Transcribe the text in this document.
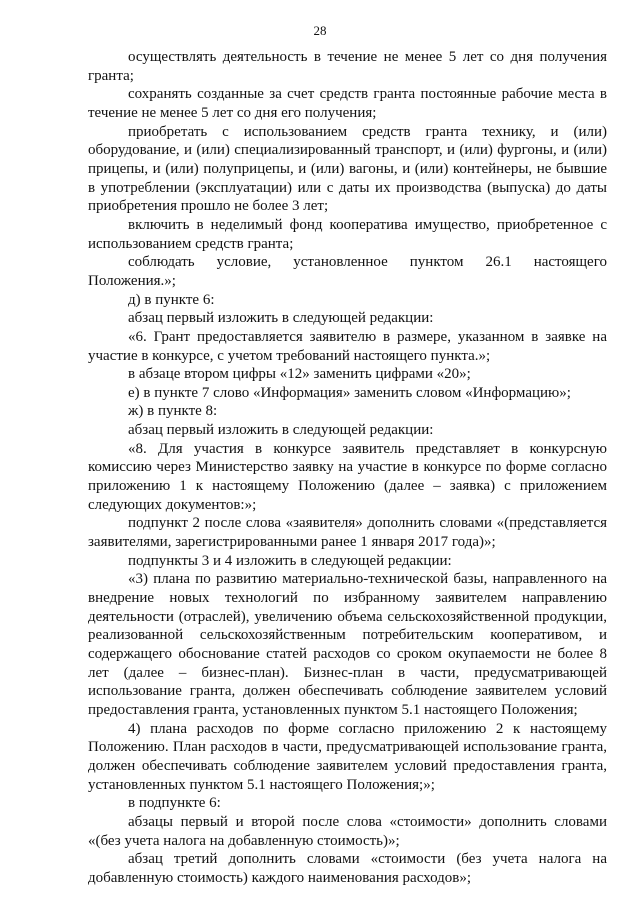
28

осуществлять деятельность в течение не менее 5 лет со дня получения гранта;

сохранять созданные за счет средств гранта постоянные рабочие места в течение не менее 5 лет со дня его получения;

приобретать с использованием средств гранта технику, и (или) оборудование, и (или) специализированный транспорт, и (или) фургоны, и (или) прицепы, и (или) полуприцепы, и (или) вагоны, и (или) контейнеры, не бывшие в употреблении (эксплуатации) или с даты их производства (выпуска) до даты приобретения прошло не более 3 лет;

включить в неделимый фонд кооператива имущество, приобретенное с использованием средств гранта;

соблюдать условие, установленное пунктом 26.1 настоящего Положения.»;

д) в пункте 6:

абзац первый изложить в следующей редакции:

«6. Грант предоставляется заявителю в размере, указанном в заявке на участие в конкурсе, с учетом требований настоящего пункта.»;

в абзаце втором цифры «12» заменить цифрами «20»;

е) в пункте 7 слово «Информация» заменить словом «Информацию»;

ж) в пункте 8:

абзац первый изложить в следующей редакции:

«8. Для участия в конкурсе заявитель представляет в конкурсную комиссию через Министерство заявку на участие в конкурсе по форме согласно приложению 1 к настоящему Положению (далее – заявка) с приложением следующих документов:»;

подпункт 2 после слова «заявителя» дополнить словами «(представляется заявителями, зарегистрированными ранее 1 января 2017 года)»;

подпункты 3 и 4 изложить в следующей редакции:

«3) плана по развитию материально-технической базы, направленного на внедрение новых технологий по избранному заявителем направлению деятельности (отраслей), увеличению объема сельскохозяйственной продукции, реализованной сельскохозяйственным потребительским кооперативом, и содержащего обоснование статей расходов со сроком окупаемости не более 8 лет (далее – бизнес-план). Бизнес-план в части, предусматривающей использование гранта, должен обеспечивать соблюдение заявителем условий предоставления гранта, установленных пунктом 5.1 настоящего Положения;

4) плана расходов по форме согласно приложению 2 к настоящему Положению. План расходов в части, предусматривающей использование гранта, должен обеспечивать соблюдение заявителем условий предоставления гранта, установленных пунктом 5.1 настоящего Положения;»;

в подпункте 6:

абзацы первый и второй после слова «стоимости» дополнить словами «(без учета налога на добавленную стоимость)»;

абзац третий дополнить словами «стоимости (без учета налога на добавленную стоимость) каждого наименования расходов»;
